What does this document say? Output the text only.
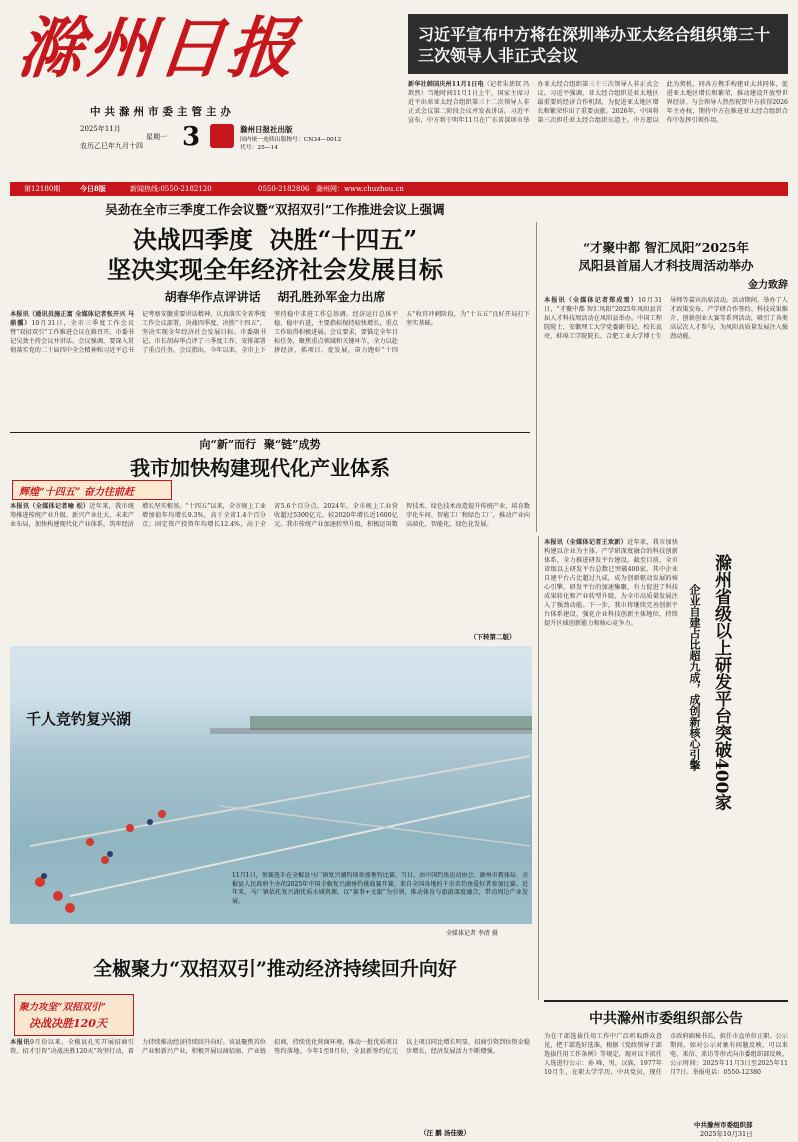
滁州日报
中共滁州市委主管主办
2025年11月
星期一
农历乙巳年九月十四 3	滁州日报社出版
国内统一连续出版物号：CN34—0012
代号：25—14
习近平宣布中方将在深圳举办亚太经合组织第三十三次领导人非正式会议
新华社韩国庆州11月1日电（记者朱基钗 冯歆然）当地时间11月1日上午，国家主席习近平出席亚太经合组织第三十二次领导人非正式会议第二阶段会议并发表讲话。习近平宣布，中方将于明年11月在广东省深圳市举办亚太经合组织第三十三次领导人非正式会议。习近平强调，亚太经合组织是亚太地区最重要的经济合作机制，为促进亚太地区增长和繁荣作出了重要贡献。2026年，中国将第三次担任亚太经合组织东道主。中方愿以此为契机，同各方携手构建亚太共同体，促进亚太地区增长和繁荣，推动建设开放型世界经济。与会领导人热烈祝贺中方获得2026年主办权，期待中方在推进亚太经合组织合作中发挥引领作用。
第12180期	今日8版	新闻热线:0550-2182120	0550-2182806 滁州网：www.chuzhou.cn
吴劲在全市三季度工作会议暨“双招双引”工作推进会议上强调
决战四季度  决胜“十四五”
坚决实现全年经济社会发展目标
胡春华作点评讲话    胡孔胜孙军金力出席
本报讯（通讯员施正富 全媒体记者张开兴 马鼎骥）10月31日，全市三季度工作会议暨“双招双引”工作推进会议在滁召开。市委书记吴劲主持会议并讲话。会议强调，要深入贯彻落实党的二十届四中全会精神和习近平总书记考察安徽重要讲话精神，认真落实全省季度工作会议部署，决战四季度、决胜“十四五”，坚决实现全年经济社会发展目标。市委副书记、市长胡春华点评了三季度工作，安排部署了重点任务。会议指出，今年以来，全市上下坚持稳中求进工作总基调，经济运行总体平稳、稳中有进，主要指标保持较快增长，重点工作取得积极进展。会议要求，要锚定全年目标任务，聚焦重点领域和关键环节，全力以赴拼经济、抓项目、促发展，奋力跑好“十四五”收官冲刺阶段，为“十五五”良好开局打下坚实基础。
“才聚中都 智汇凤阳”2025年
凤阳县首届人才科技周活动举办
金力致辞
本报讯（全媒体记者郑成雪）10月31日，“才聚中都 智汇凤阳”2025年凤阳县首届人才科技周活动在凤阳县举办。中国工程院院士、安徽理工大学党委副书记、校长袁亮，蚌埠工学院院长、合肥工业大学博士生导师等嘉宾出席活动。活动期间，举办了人才政策发布、产学研合作签约、科技成果推介、创新创业大赛等系列活动，吸引了各类高层次人才参与，为凤阳高质量发展注入强劲动能。
向“新”而行  聚“链”成势
我市加快构建现代化产业体系
辉煌“十四五” 奋力往前赶
本报讯（全媒体记者喻 松）近年来，我市统筹推进传统产业升级、新兴产业壮大、未来产业布局，加快构建现代化产业体系，筑牢经济增长坚实根基。“十四五”以来，全市规上工业增加值年均增长9.3%，高于全省1.4个百分点；固定资产投资年均增长12.4%，高于全省5.6个百分点。2024年，全市规上工业营收超过5300亿元、较2020年增长近1600亿元。我市传统产业加速转型升级，积极运用数智技术、绿色技术改造提升传统产业，培育数字化车间、智能工厂和绿色工厂，推动产业向高端化、智能化、绿色化发展。
（下转第二版）
千人竞钓复兴湖
11月1日，参赛选手在全椒县马厂镇复兴湖钓场参加垂钓比赛。当日，由中国钓鱼运动协会、滁州市教体局、全椒县人民政府主办的2025年中国全椒复兴湖垂钓挑战赛开赛，来自全国各地的千余名钓鱼爱好者参加比赛。近年来，马厂镇依托复兴湖优质水域资源，以“赛事+文旅”为引领，推动体育与旅游深度融合，带动周边产业发展。
全媒体记者 李清 摄
滁州省级以上研发平台突破400家
企业自建占比超九成，成创新核心引擎
本报讯（全媒体记者王欢新）近年来，我市加快构建以企业为主体、产学研深度融合的科技创新体系，全力推进研发平台建设。截至目前，全市省级以上研发平台总数已突破400家，其中企业自建平台占比超过九成，成为创新驱动发展的核心引擎。研发平台的加速集聚，有力促进了科技成果转化和产业转型升级，为全市高质量发展注入了强劲动能。下一步，我市将继续完善创新平台体系建设，强化企业科技创新主体地位，持续提升区域创新能力和核心竞争力。
全椒聚力“双招双引”推动经济持续回升向好
聚力攻坚“双招双引”
决战决胜120天
本报讯9月份以来，全椒县扎实开展招商引资、招才引智“决战决胜120天”攻坚行动，着力持续推动经济持续回升向好。该县聚焦首位产业和新兴产业，积极开展以商招商、产业链招商，持续优化营商环境，推动一批优质项目签约落地。今年1至9月份，全县新签约亿元以上项目同比增长明显，招商引资到位资金稳步增长，经济发展活力不断增强。
（汪 鹏 汤佳骏）
中共滁州市委组织部公告
为在干部选拔任用工作中广泛听取群众意见，把干部选好选准，根据《党政领导干部选拔任用工作条例》等规定，现对以下拟任人选进行公示：孙 峰，男，汉族，1977年10月生，在职大学学历，中共党员，现任市政府副秘书长，拟任市直单位正职。公示期间，如对公示对象有问题反映，可以来电、来信、来访等形式向市委组织部反映。公示时间：2025年11月3日至2025年11月7日。举报电话：0550-12380
中共滁州市委组织部
2025年10月31日
